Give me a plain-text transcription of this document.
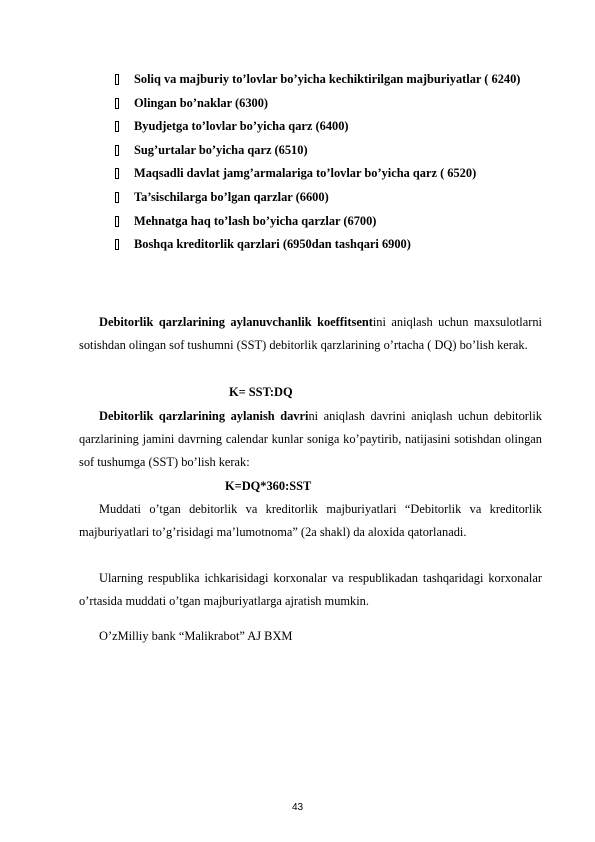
Soliq va majburiy to’lovlar bo’yicha kechiktirilgan majburiyatlar ( 6240)
Olingan bo’naklar (6300)
Byudjetga to’lovlar bo’yicha qarz (6400)
Sug’urtalar bo’yicha qarz (6510)
Maqsadli davlat jamg’armalariga to’lovlar bo’yicha qarz ( 6520)
Ta’sischilarga bo’lgan qarzlar (6600)
Mehnatga haq to’lash bo’yicha qarzlar (6700)
Boshqa kreditorlik qarzlari (6950dan tashqari 6900)

Debitorlik qarzlarining aylanuvchanlik koeffitsentini aniqlash uchun maxsulotlarni sotishdan olingan sof tushumni (SST) debitorlik qarzlarining o’rtacha ( DQ) bo’lish kerak.

K= SST:DQ

Debitorlik qarzlarining aylanish davrini aniqlash davrini aniqlash uchun debitorlik qarzlarining jamini davrning calendar kunlar soniga ko’paytirib, natijasini sotishdan olingan sof tushumga (SST) bo’lish kerak:

K=DQ*360:SST

Muddati o’tgan debitorlik va kreditorlik majburiyatlari “Debitorlik va kreditorlik majburiyatlari to’g’risidagi ma’lumotnoma” (2a shakl) da aloxida qatorlanadi.

Ularning respublika ichkarisidagi korxonalar va respublikadan tashqaridagi korxonalar o’rtasida muddati o’tgan majburiyatlarga ajratish mumkin.

O’zMilliy bank “Malikrabot” AJ BXM

43
